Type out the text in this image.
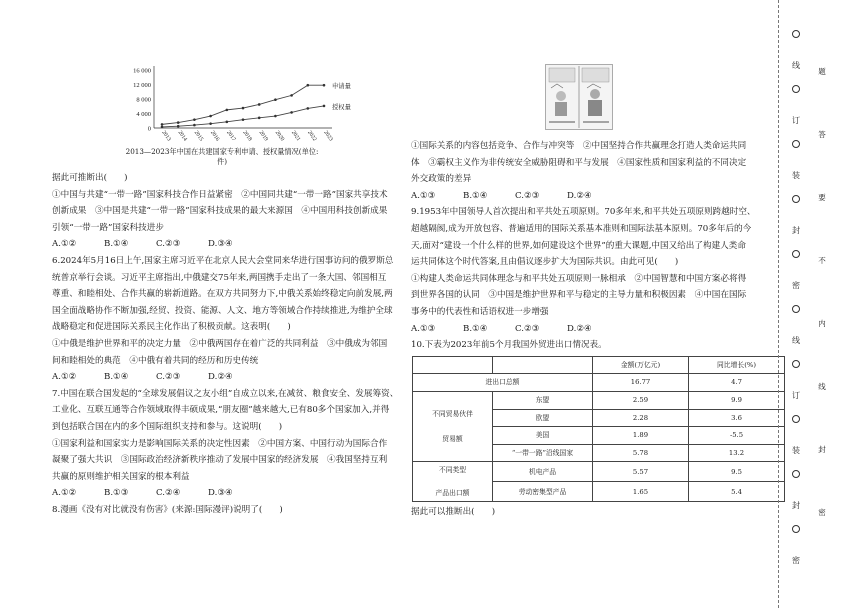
16 000
12 000
8 000
4 000
0
2013 2014 2015 2016 2017 2018 2019 2020 2021 2022 2023
申请量
授权量
2013—2023年中国在共建国家专利申请、授权量情况(单位:件)
据此可推断出(　　)
①中国与共建“一带一路”国家科技合作日益紧密　②中国同共建“一带一路”国家共享技术
创新成果　③中国是共建“一带一路”国家科技成果的最大来源国　④中国用科技创新成果
引领“一带一路”国家科技进步
A.①②	B.①④	C.②③	D.③④
6.2024年5月16日上午,国家主席习近平在北京人民大会堂同来华进行国事访问的俄罗斯总
统普京举行会谈。习近平主席指出,中俄建交75年来,两国携手走出了一条大国、邻国相互
尊重、和睦相处、合作共赢的崭新道路。在双方共同努力下,中俄关系始终稳定向前发展,两
国全面战略协作不断加强,经贸、投资、能源、人文、地方等领域合作持续推进,为维护全球
战略稳定和促进国际关系民主化作出了积极贡献。这表明(　　)
①中俄是维护世界和平的决定力量　②中俄两国存在着广泛的共同利益　③中俄成为邻国
间和睦相处的典范　④中俄有着共同的经历和历史传统
A.①②	B.①④	C.②③	D.②④
7.中国在联合国发起的“全球发展倡议之友小组”自成立以来,在减贫、粮食安全、发展筹资、
工业化、互联互通等合作领域取得丰硕成果,“朋友圈”越来越大,已有80多个国家加入,并得
到包括联合国在内的多个国际组织支持和参与。这说明(　　)
①国家利益和国家实力是影响国际关系的决定性因素　②中国方案、中国行动为国际合作
凝聚了强大共识　③国际政治经济新秩序推动了发展中国家的经济发展　④我国坚持互利
共赢的原则维护相关国家的根本利益
A.①②	B.①③	C.②④	D.③④
8.漫画《没有对比就没有伤害》(来源:国际漫评)说明了(　　)
①国际关系的内容包括竞争、合作与冲突等　②中国坚持合作共赢理念打造人类命运共同
体　③霸权主义作为非传统安全威胁阻碍和平与发展　④国家性质和国家利益的不同决定
外交政策的差异
A.①③	B.①④	C.②③	D.②④
9.1953年中国领导人首次提出和平共处五项原则。70多年来,和平共处五项原则跨越时空、
超越隔阂,成为开放包容、普遍适用的国际关系基本准则和国际法基本原则。70多年后的今
天,面对“建设一个什么样的世界,如何建设这个世界”的重大课题,中国又给出了构建人类命
运共同体这个时代答案,且由倡议逐步扩大为国际共识。由此可见(　　)
①构建人类命运共同体理念与和平共处五项原则一脉相承　②中国智慧和中国方案必将得
到世界各国的认同　③中国是维护世界和平与稳定的主导力量和积极因素　④中国在国际
事务中的代表性和话语权进一步增强
A.①③	B.①④	C.②③	D.②④
10.下表为2023年前5个月我国外贸进出口情况表。
		金额(万亿元)	同比增长(%)
进出口总额		16.77	4.7

不同贸易伙伴
贸易额	东盟	2.59	9.9
	欧盟	2.28	3.6
	美国	1.89	-5.5
	“一带一路”沿线国家	5.78	13.2

不同类型
产品出口额	机电产品	5.57	9.5
	劳动密集型产品	1.65	5.4
据此可以推断出(　　)
线
订
装
封
密
线
订
装
封
密
题
答
要
不
内
线
封
密
